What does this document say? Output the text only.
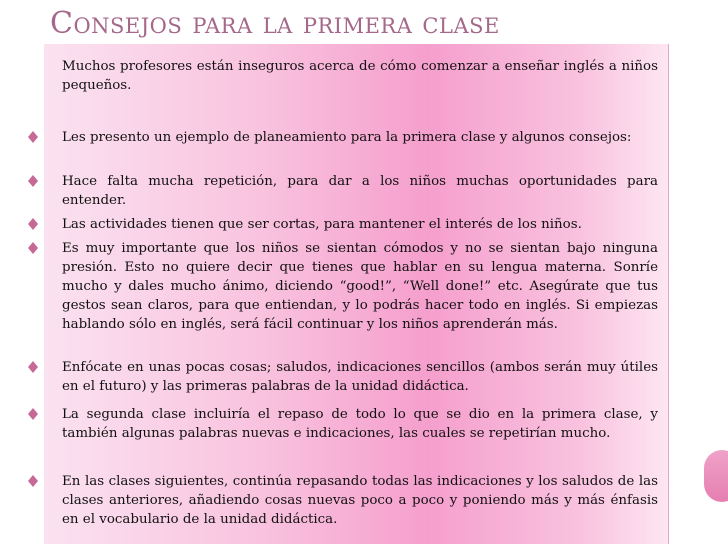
Consejos para la primera clase
Muchos profesores están inseguros acerca de cómo comenzar a enseñar inglés a niños pequeños.
Les presento un ejemplo de planeamiento para la primera clase y algunos consejos:
Hace falta mucha repetición, para dar a los niños muchas oportunidades para entender.
Las actividades tienen que ser cortas, para mantener el interés de los niños.
Es muy importante que los niños se sientan cómodos y no se sientan bajo ninguna presión. Esto no quiere decir que tienes que hablar en su lengua materna. Sonríe mucho y dales mucho ánimo, diciendo “good!”, “Well done!” etc. Asegúrate que tus gestos sean claros, para que entiendan, y lo podrás hacer todo en inglés. Si empiezas hablando sólo en inglés, será fácil continuar y los niños aprenderán más.
Enfócate en unas pocas cosas; saludos, indicaciones sencillos (ambos serán muy útiles en el futuro) y las primeras palabras de la unidad didáctica.
La segunda clase incluiría el repaso de todo lo que se dio en la primera clase, y también algunas palabras nuevas e indicaciones, las cuales se repetirían mucho.
En las clases siguientes, continúa repasando todas las indicaciones y los saludos de las clases anteriores, añadiendo cosas nuevas poco a poco y poniendo más y más énfasis en el vocabulario de la unidad didáctica.
